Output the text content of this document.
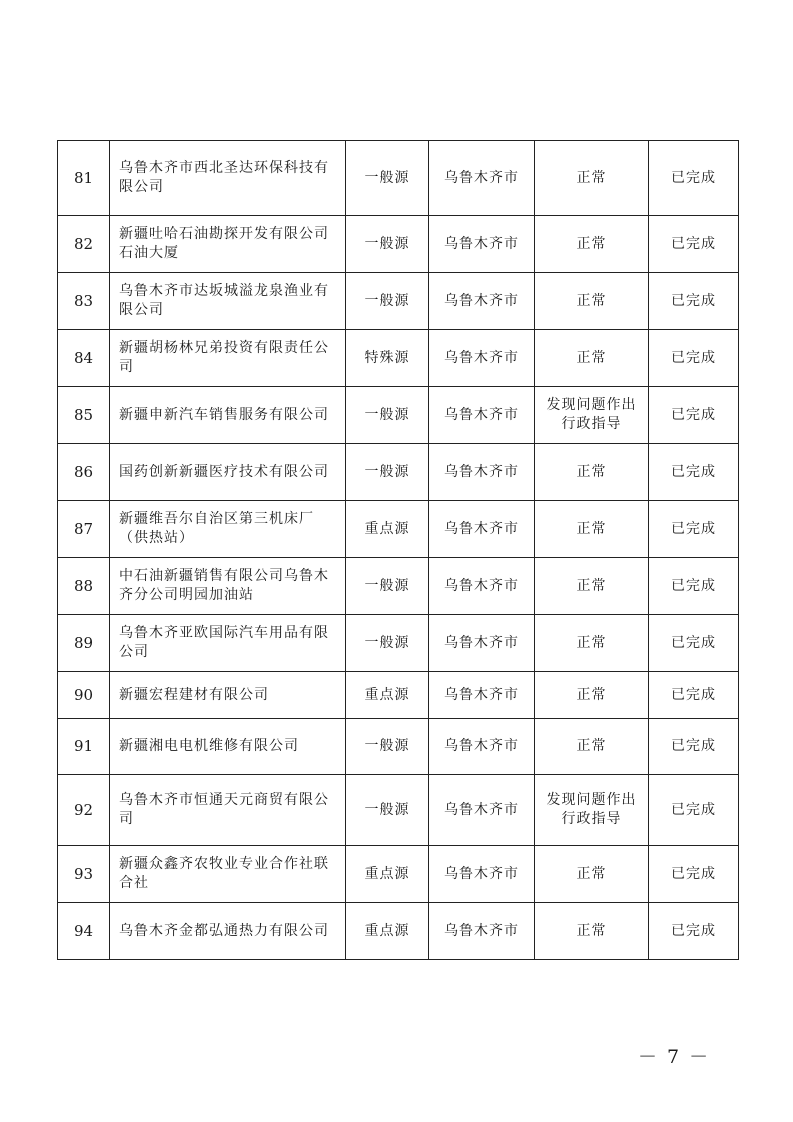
81	乌鲁木齐市西北圣达环保科技有限公司	一般源	乌鲁木齐市	正常	已完成
82	新疆吐哈石油勘探开发有限公司石油大厦	一般源	乌鲁木齐市	正常	已完成
83	乌鲁木齐市达坂城溢龙泉渔业有限公司	一般源	乌鲁木齐市	正常	已完成
84	新疆胡杨林兄弟投资有限责任公司	特殊源	乌鲁木齐市	正常	已完成
85	新疆申新汽车销售服务有限公司	一般源	乌鲁木齐市	发现问题作出行政指导	已完成
86	国药创新新疆医疗技术有限公司	一般源	乌鲁木齐市	正常	已完成
87	新疆维吾尔自治区第三机床厂（供热站）	重点源	乌鲁木齐市	正常	已完成
88	中石油新疆销售有限公司乌鲁木齐分公司明园加油站	一般源	乌鲁木齐市	正常	已完成
89	乌鲁木齐亚欧国际汽车用品有限公司	一般源	乌鲁木齐市	正常	已完成
90	新疆宏程建材有限公司	重点源	乌鲁木齐市	正常	已完成
91	新疆湘电电机维修有限公司	一般源	乌鲁木齐市	正常	已完成
92	乌鲁木齐市恒通天元商贸有限公司	一般源	乌鲁木齐市	发现问题作出行政指导	已完成
93	新疆众鑫齐农牧业专业合作社联合社	重点源	乌鲁木齐市	正常	已完成
94	乌鲁木齐金都弘通热力有限公司	重点源	乌鲁木齐市	正常	已完成
－ 7 －
